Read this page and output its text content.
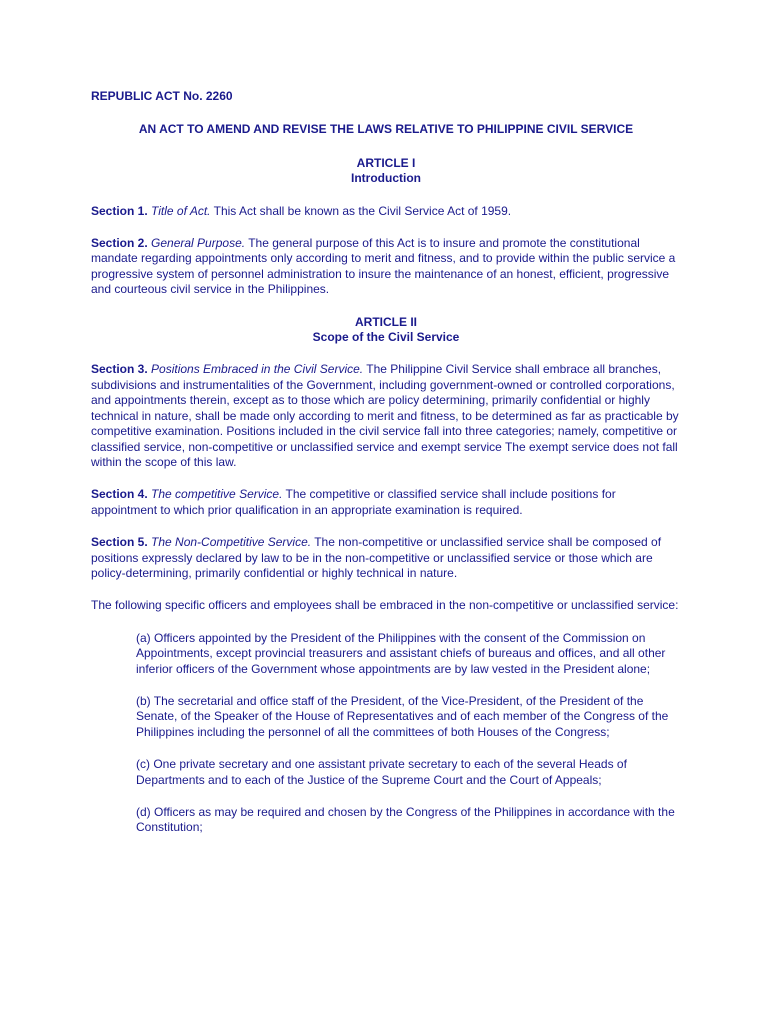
REPUBLIC ACT No. 2260

AN ACT TO AMEND AND REVISE THE LAWS RELATIVE TO PHILIPPINE CIVIL SERVICE

ARTICLE I
Introduction

Section 1. Title of Act. This Act shall be known as the Civil Service Act of 1959.

Section 2. General Purpose. The general purpose of this Act is to insure and promote the constitutional mandate regarding appointments only according to merit and fitness, and to provide within the public service a progressive system of personnel administration to insure the maintenance of an honest, efficient, progressive and courteous civil service in the Philippines.

ARTICLE II
Scope of the Civil Service

Section 3. Positions Embraced in the Civil Service. The Philippine Civil Service shall embrace all branches, subdivisions and instrumentalities of the Government, including government-owned or controlled corporations, and appointments therein, except as to those which are policy determining, primarily confidential or highly technical in nature, shall be made only according to merit and fitness, to be determined as far as practicable by competitive examination. Positions included in the civil service fall into three categories; namely, competitive or classified service, non-competitive or unclassified service and exempt service The exempt service does not fall within the scope of this law.

Section 4. The competitive Service. The competitive or classified service shall include positions for appointment to which prior qualification in an appropriate examination is required.

Section 5. The Non-Competitive Service. The non-competitive or unclassified service shall be composed of positions expressly declared by law to be in the non-competitive or unclassified service or those which are policy-determining, primarily confidential or highly technical in nature.

The following specific officers and employees shall be embraced in the non-competitive or unclassified service:

(a) Officers appointed by the President of the Philippines with the consent of the Commission on Appointments, except provincial treasurers and assistant chiefs of bureaus and offices, and all other inferior officers of the Government whose appointments are by law vested in the President alone;

(b) The secretarial and office staff of the President, of the Vice-President, of the President of the Senate, of the Speaker of the House of Representatives and of each member of the Congress of the Philippines including the personnel of all the committees of both Houses of the Congress;

(c) One private secretary and one assistant private secretary to each of the several Heads of Departments and to each of the Justice of the Supreme Court and the Court of Appeals;

(d) Officers as may be required and chosen by the Congress of the Philippines in accordance with the Constitution;
